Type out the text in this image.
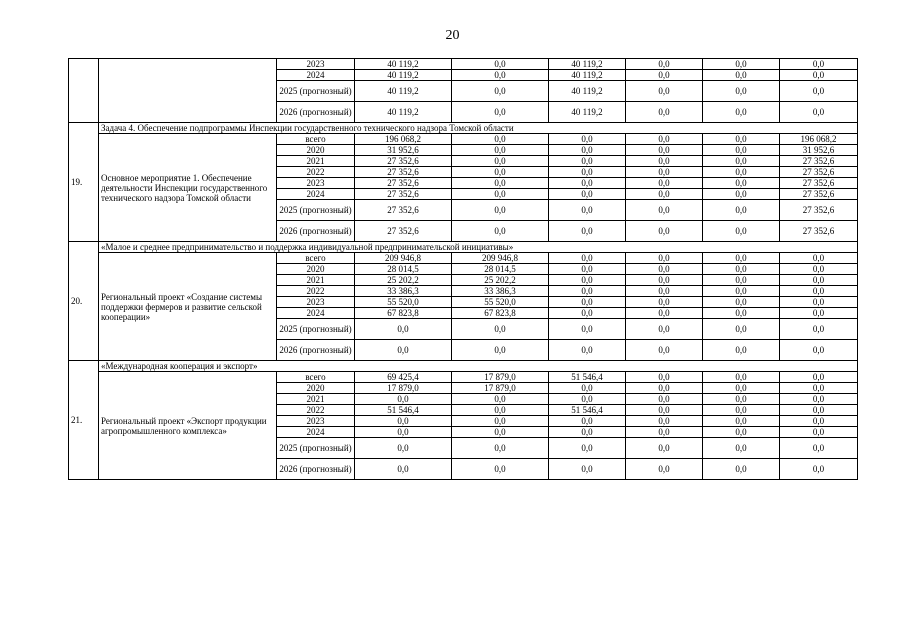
20
		2023	40 119,2	0,0	40 119,2	0,0	0,0	0,0
		2024	40 119,2	0,0	40 119,2	0,0	0,0	0,0
		2025 (прогнозный)	40 119,2	0,0	40 119,2	0,0	0,0	0,0
		2026 (прогнозный)	40 119,2	0,0	40 119,2	0,0	0,0	0,0
19.	Задача 4. Обеспечение подпрограммы Инспекции государственного технического надзора Томской области							
	Основное мероприятие 1. Обеспечение деятельности Инспекции государственного технического надзора Томской области	всего	196 068,2	0,0	0,0	0,0	0,0	196 068,2
		2020	31 952,6	0,0	0,0	0,0	0,0	31 952,6
		2021	27 352,6	0,0	0,0	0,0	0,0	27 352,6
		2022	27 352,6	0,0	0,0	0,0	0,0	27 352,6
		2023	27 352,6	0,0	0,0	0,0	0,0	27 352,6
		2024	27 352,6	0,0	0,0	0,0	0,0	27 352,6
		2025 (прогнозный)	27 352,6	0,0	0,0	0,0	0,0	27 352,6
		2026 (прогнозный)	27 352,6	0,0	0,0	0,0	0,0	27 352,6
20.	«Малое и среднее предпринимательство и поддержка индивидуальной предпринимательской инициативы»							
	Региональный проект «Создание системы поддержки фермеров и развитие сельской кооперации»	всего	209 946,8	209 946,8	0,0	0,0	0,0	0,0
		2020	28 014,5	28 014,5	0,0	0,0	0,0	0,0
		2021	25 202,2	25 202,2	0,0	0,0	0,0	0,0
		2022	33 386,3	33 386,3	0,0	0,0	0,0	0,0
		2023	55 520,0	55 520,0	0,0	0,0	0,0	0,0
		2024	67 823,8	67 823,8	0,0	0,0	0,0	0,0
		2025 (прогнозный)	0,0	0,0	0,0	0,0	0,0	0,0
		2026 (прогнозный)	0,0	0,0	0,0	0,0	0,0	0,0
21.	«Международная кооперация и экспорт»							
	Региональный проект «Экспорт продукции агропромышленного комплекса»	всего	69 425,4	17 879,0	51 546,4	0,0	0,0	0,0
		2020	17 879,0	17 879,0	0,0	0,0	0,0	0,0
		2021	0,0	0,0	0,0	0,0	0,0	0,0
		2022	51 546,4	0,0	51 546,4	0,0	0,0	0,0
		2023	0,0	0,0	0,0	0,0	0,0	0,0
		2024	0,0	0,0	0,0	0,0	0,0	0,0
		2025 (прогнозный)	0,0	0,0	0,0	0,0	0,0	0,0
		2026 (прогнозный)	0,0	0,0	0,0	0,0	0,0	0,0
